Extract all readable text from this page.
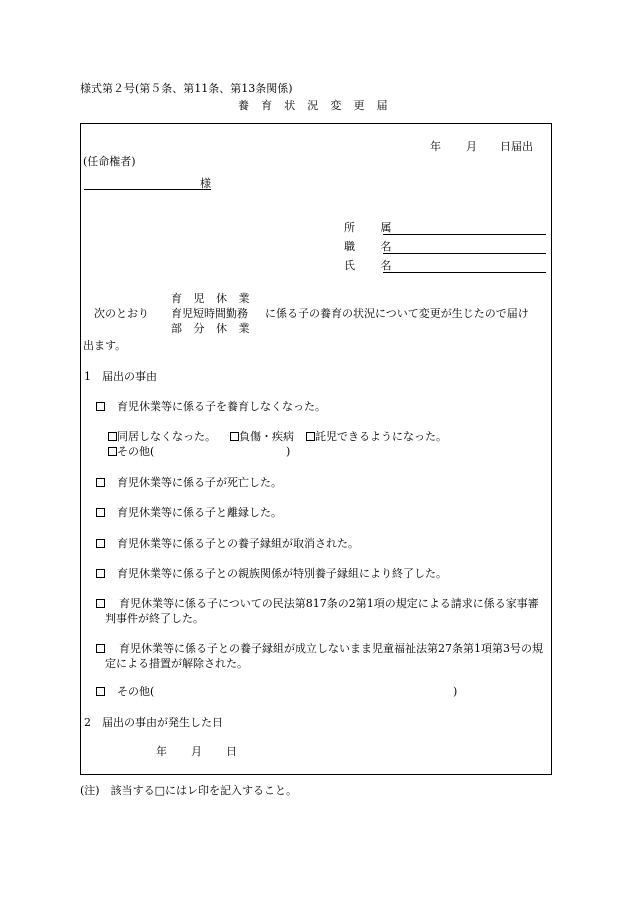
様式第２号(第５条、第11条、第13条関係)
養 育 状 況 変 更 届
年 月 日届出
(任命権者)
様
所 属
職 名
氏 名
育 児 休 業
次のとおり 育児短時間勤務 に係る子の養育の状況について変更が生じたので届け
部 分 休 業
出ます。
1　届出の事由
育児休業等に係る子を養育しなくなった。
同居しなくなった。 負傷・疾病 託児できるようになった。
その他(	)
育児休業等に係る子が死亡した。
育児休業等に係る子と離縁した。
育児休業等に係る子との養子縁組が取消された。
育児休業等に係る子との親族関係が特別養子縁組により終了した。
育児休業等に係る子についての民法第817条の2第1項の規定による請求に係る家事審判事件が終了した。
育児休業等に係る子との養子縁組が成立しないまま児童福祉法第27条第1項第3号の規定による措置が解除された。
その他(	)
2　届出の事由が発生した日
年 月 日
(注)　該当する□にはレ印を記入すること。
